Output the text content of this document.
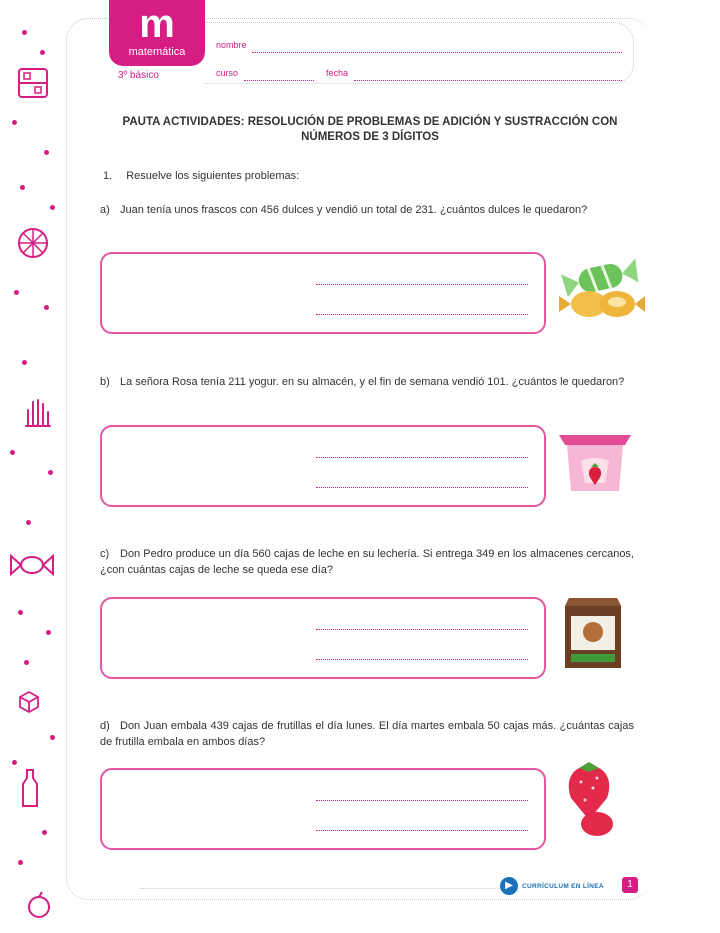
m
matemática
3º básico
nombre
curso	fecha
PAUTA ACTIVIDADES: RESOLUCIÓN DE PROBLEMAS DE ADICIÓN Y SUSTRACCIÓN CON NÚMEROS DE 3 DÍGITOS
1. Resuelve los siguientes problemas:
a) Juan tenía unos frascos con 456 dulces y vendió un total de 231. ¿cuántos dulces le quedaron?
b) La señora Rosa tenía 211 yogur. en su almacén, y el fin de semana vendió 101. ¿cuántos le quedaron?
c) Don Pedro produce un día 560 cajas de leche en su lechería. Si entrega 349 en los almacenes cercanos, ¿con cuántas cajas de leche se queda ese día?
d) Don Juan embala 439 cajas de frutillas el día lunes. El día martes embala 50 cajas más. ¿cuántas cajas de frutilla embala en ambos días?
▶	CURRÍCULUM EN LÍNEA	1
